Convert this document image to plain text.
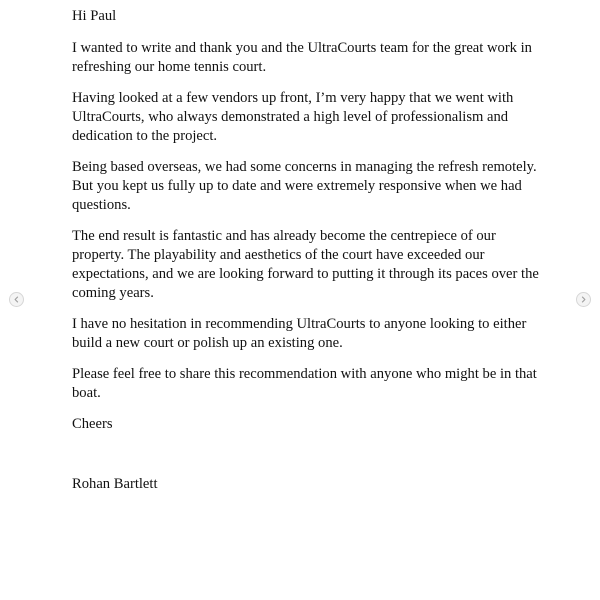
Hi Paul

I wanted to write and thank you and the UltraCourts team for the great work in
refreshing our home tennis court.

Having looked at a few vendors up front, I’m very happy that we went with
UltraCourts, who always demonstrated a high level of professionalism and
dedication to the project.

Being based overseas, we had some concerns in managing the refresh remotely.
But you kept us fully up to date and were extremely responsive when we had
questions.

The end result is fantastic and has already become the centrepiece of our
property. The playability and aesthetics of the court have exceeded our
expectations, and we are looking forward to putting it through its paces over the
coming years.

I have no hesitation in recommending UltraCourts to anyone looking to either
build a new court or polish up an existing one.

Please feel free to share this recommendation with anyone who might be in that
boat.

Cheers

Rohan Bartlett
